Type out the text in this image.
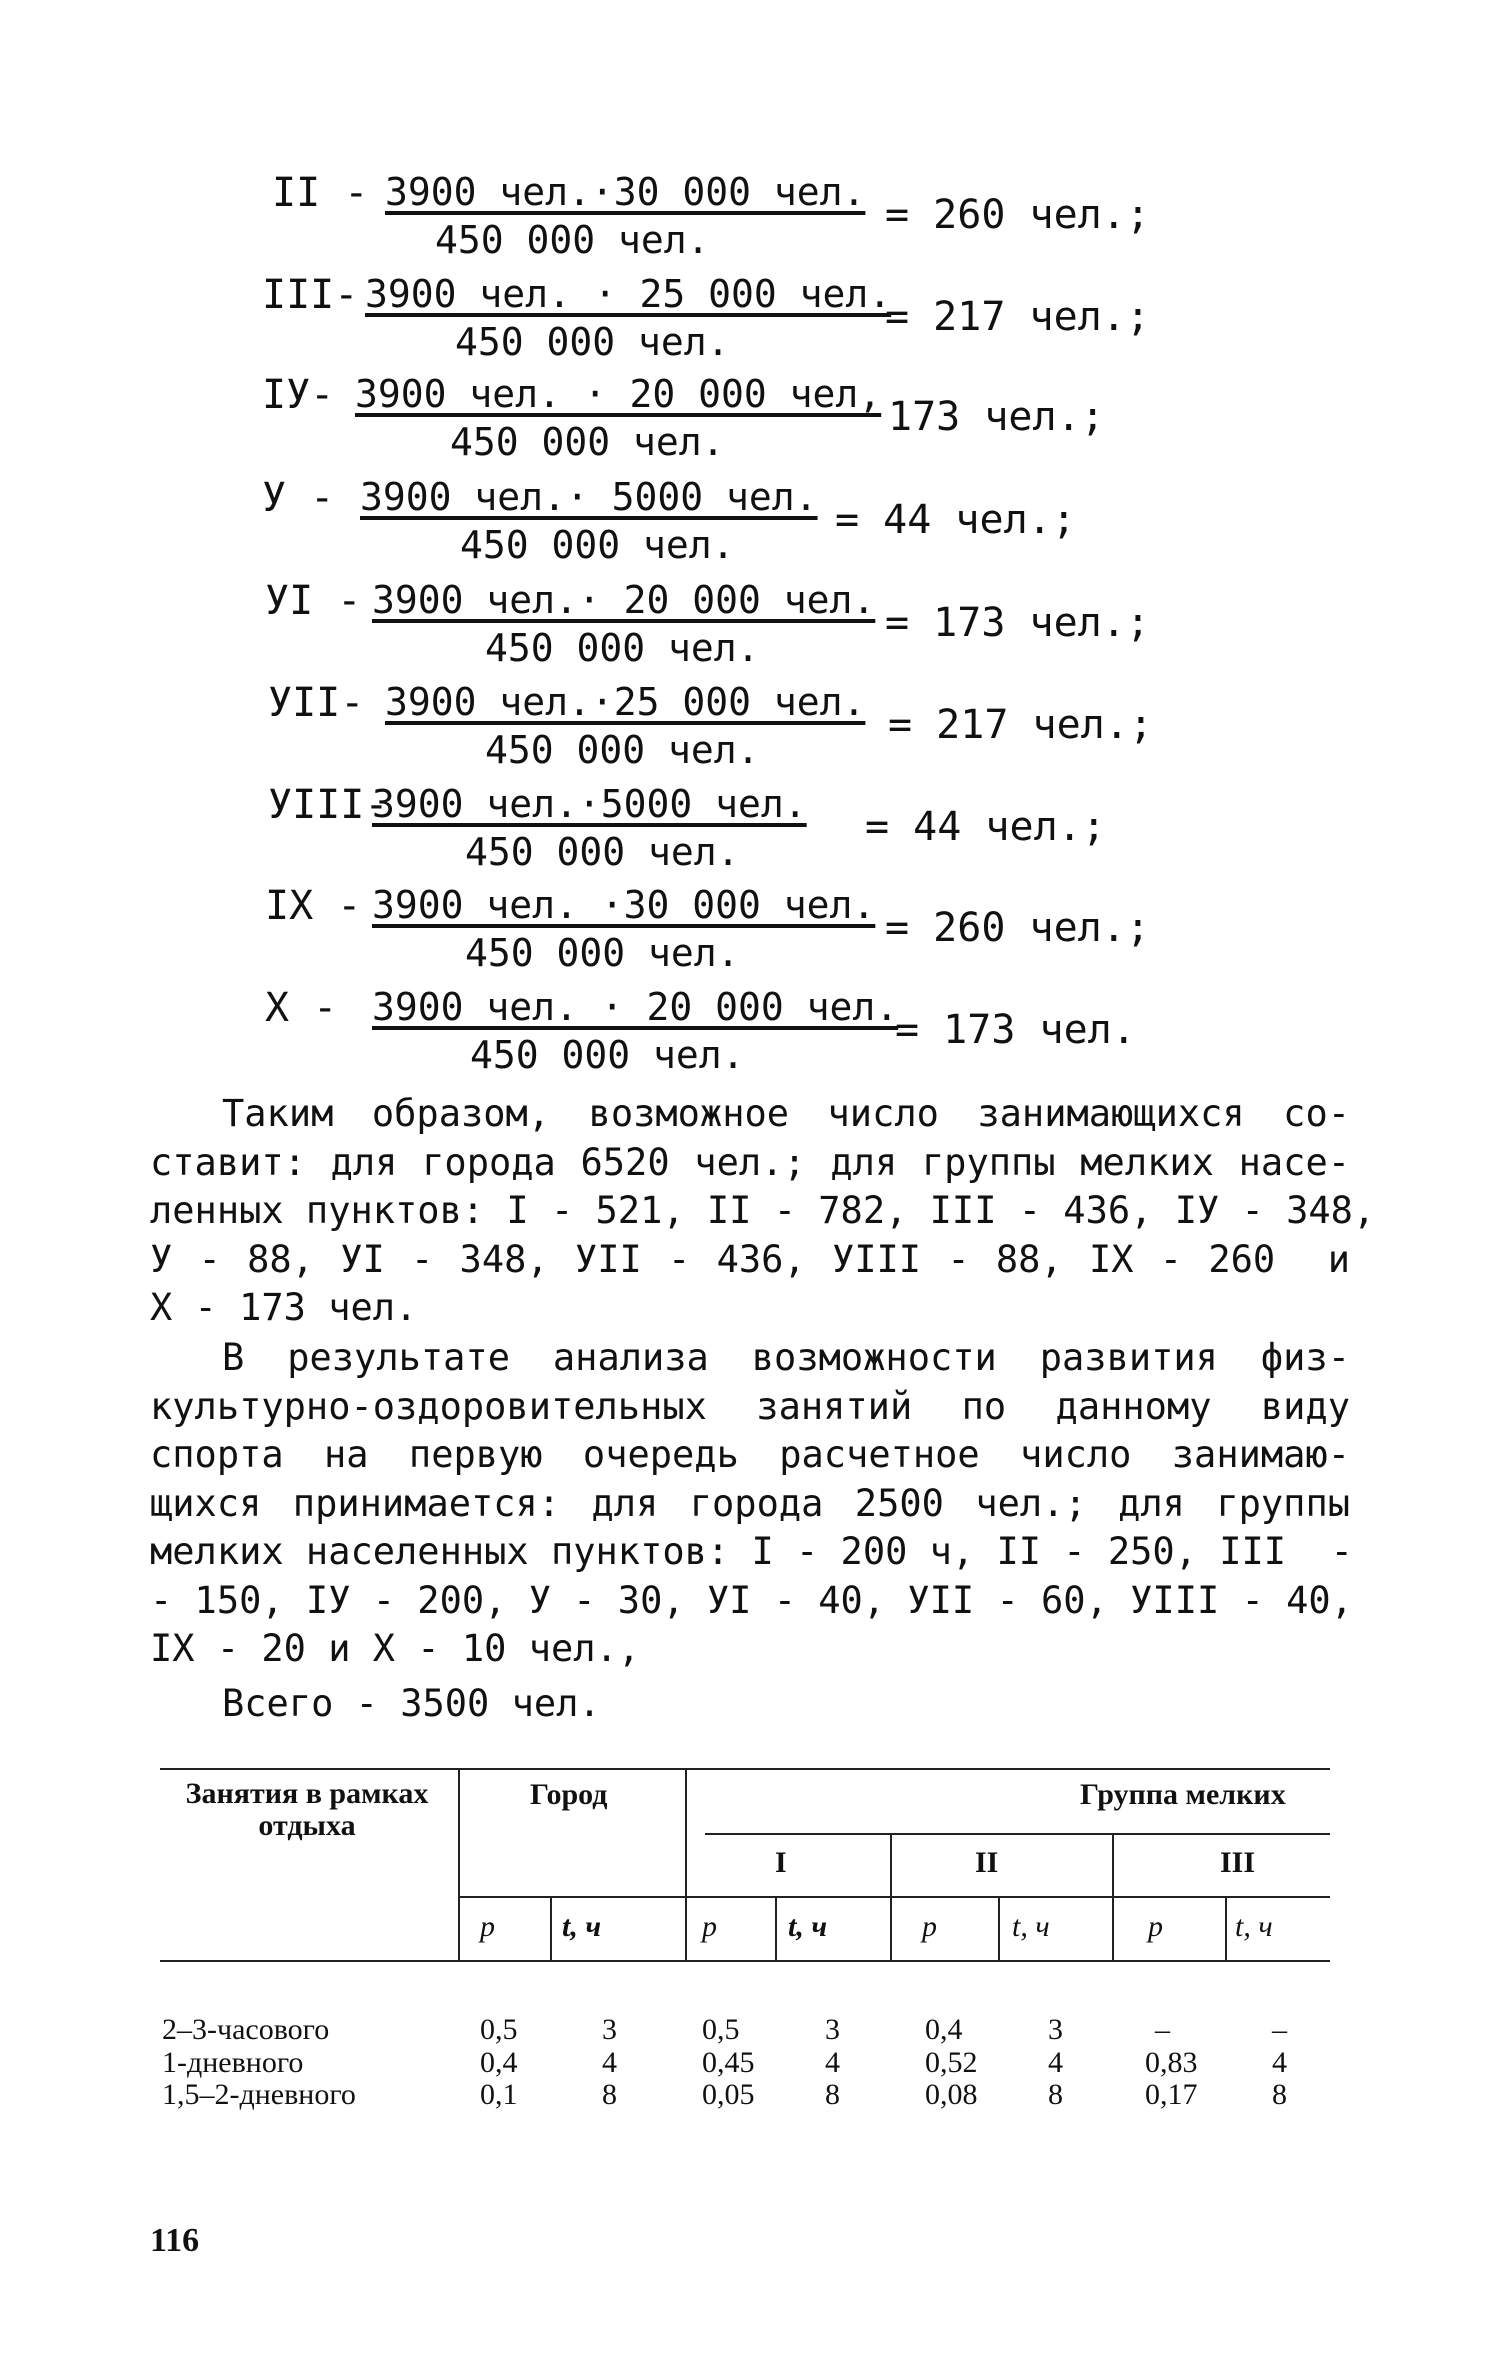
II - 3900 чел.·30 000 чел.
450 000 чел.
= 260 чел.;
III- 3900 чел. · 25 000 чел.
450 000 чел.
= 217 чел.;
IУ- 3900 чел. · 20 000 чел,
450 000 чел.
173 чел.;
У - 3900 чел.· 5000 чел.
450 000 чел.
= 44 чел.;
УI - 3900 чел.· 20 000 чел.
450 000 чел.
= 173 чел.;
УII- 3900 чел.·25 000 чел.
450 000 чел.
= 217 чел.;
УIII-
3900 чел.·5000 чел.
450 000 чел.
= 44 чел.;
IX - 3900 чел. ·30 000 чел.
450 000 чел.
= 260 чел.;
X - 3900 чел. · 20 000 чел.
450 000 чел.
= 173 чел.
Таким образом, возможное число занимающихся со-
ставит: для города 6520 чел.; для группы мелких насе-
ленных пунктов: I - 521, II - 782, III - 436, IУ - 348,
У - 88, УI - 348, УII - 436, УIII - 88, IX - 260  и
X - 173 чел.
В результате анализа возможности развития физ-
культурно-оздоровительных занятий по данному виду
спорта на первую очередь расчетное число занимаю-
щихся принимается: для города 2500 чел.; для группы
мелких населенных пунктов: I - 200 ч, II - 250, III  -
- 150, IУ - 200, У - 30, УI - 40, УII - 60, УIII - 40,
IX - 20 и X - 10 чел.,
Всего - 3500 чел.
Занятия в рамках отдыха
Город	Группа мелких
I	II	III
p t, ч	p t, ч	p	t, ч	p t, ч
2–3-часового	0,5	3	0,5	3	0,4	3	–	–
1-дневного	0,4	4	0,45 4	0,52 4	0,83 4
1,5–2-дневного	0,1	8	0,05 8	0,08 8	0,17 8
116
